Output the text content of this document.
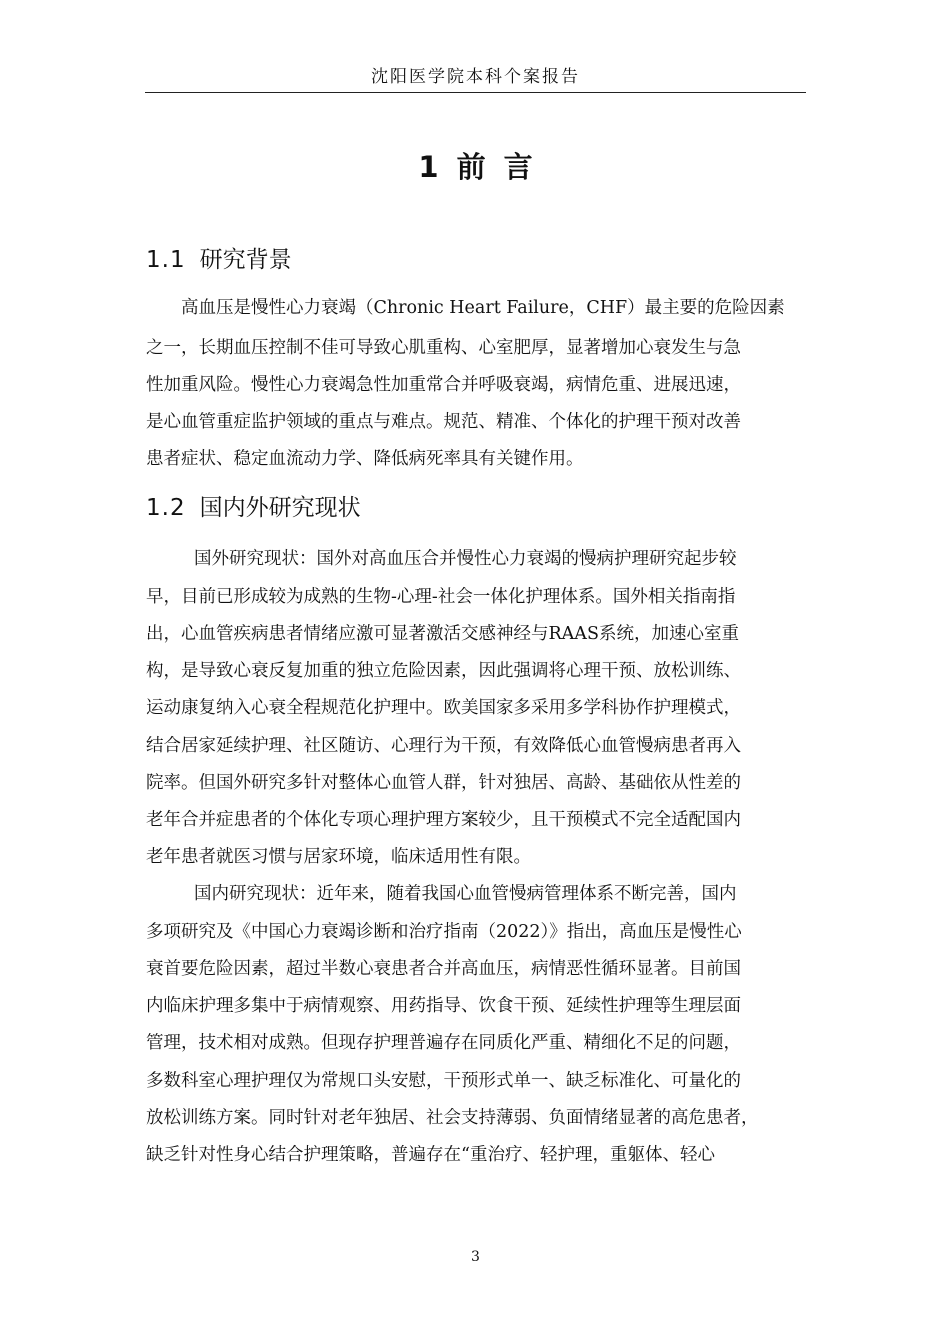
沈阳医学院本科个案报告
1 前 言
1.1 研究背景
高血压是慢性心力衰竭（Chronic Heart Failure，CHF）最主要的危险因素
之一，长期血压控制不佳可导致心肌重构、心室肥厚，显著增加心衰发生与急
性加重风险。慢性心力衰竭急性加重常合并呼吸衰竭，病情危重、进展迅速，
是心血管重症监护领域的重点与难点。规范、精准、个体化的护理干预对改善
患者症状、稳定血流动力学、降低病死率具有关键作用。
1.2 国内外研究现状
国外研究现状：国外对高血压合并慢性心力衰竭的慢病护理研究起步较
早，目前已形成较为成熟的生物-心理-社会一体化护理体系。国外相关指南指
出，心血管疾病患者情绪应激可显著激活交感神经与RAAS系统，加速心室重
构，是导致心衰反复加重的独立危险因素，因此强调将心理干预、放松训练、
运动康复纳入心衰全程规范化护理中。欧美国家多采用多学科协作护理模式，
结合居家延续护理、社区随访、心理行为干预，有效降低心血管慢病患者再入
院率。但国外研究多针对整体心血管人群，针对独居、高龄、基础依从性差的
老年合并症患者的个体化专项心理护理方案较少，且干预模式不完全适配国内
老年患者就医习惯与居家环境，临床适用性有限。
国内研究现状：近年来，随着我国心血管慢病管理体系不断完善，国内
多项研究及《中国心力衰竭诊断和治疗指南（2022）》指出，高血压是慢性心
衰首要危险因素，超过半数心衰患者合并高血压，病情恶性循环显著。目前国
内临床护理多集中于病情观察、用药指导、饮食干预、延续性护理等生理层面
管理，技术相对成熟。但现存护理普遍存在同质化严重、精细化不足的问题，
多数科室心理护理仅为常规口头安慰，干预形式单一、缺乏标准化、可量化的
放松训练方案。同时针对老年独居、社会支持薄弱、负面情绪显著的高危患者，
缺乏针对性身心结合护理策略，普遍存在“重治疗、轻护理，重躯体、轻心
3
